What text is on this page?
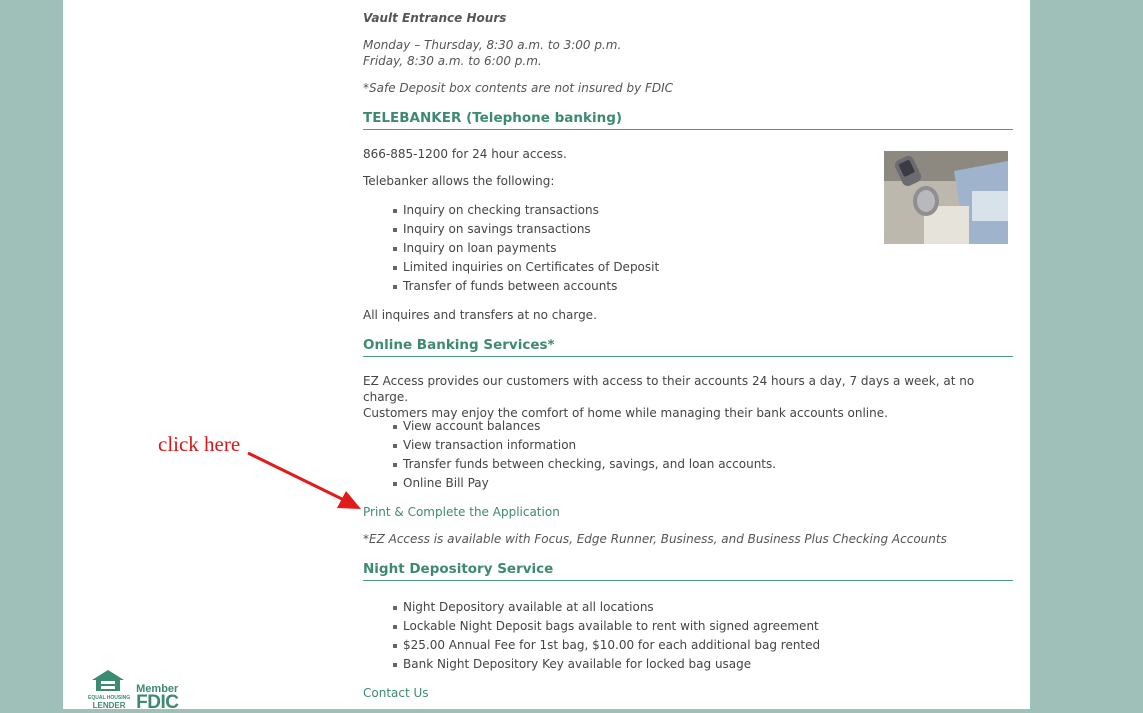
Vault Entrance Hours

Monday – Thursday, 8:30 a.m. to 3:00 p.m.

Friday, 8:30 a.m. to 6:00 p.m.

*Safe Deposit box contents are not insured by FDIC

TELEBANKER (Telephone banking)

866-885-1200 for 24 hour access.

Telebanker allows the following:

Inquiry on checking transactions
Inquiry on savings transactions
Inquiry on loan payments
Limited inquiries on Certificates of Deposit
Transfer of funds between accounts

All inquires and transfers at no charge.

Online Banking Services*

EZ Access provides our customers with access to their accounts 24 hours a day, 7 days a week, at no charge.

Customers may enjoy the comfort of home while managing their bank accounts online.

View account balances
View transaction information
Transfer funds between checking, savings, and loan accounts.
Online Bill Pay

Print & Complete the Application

*EZ Access is available with Focus, Edge Runner, Business, and Business Plus Checking Accounts

Night Depository Service
Night Depository available at all locations
Lockable Night Deposit bags available to rent with signed agreement
$25.00 Annual Fee for 1st bag, $10.00 for each additional bag rented
Bank Night Depository Key available for locked bag usage

Contact Us

EQUAL HOUSING
LENDER
Member
FDIC
click here
